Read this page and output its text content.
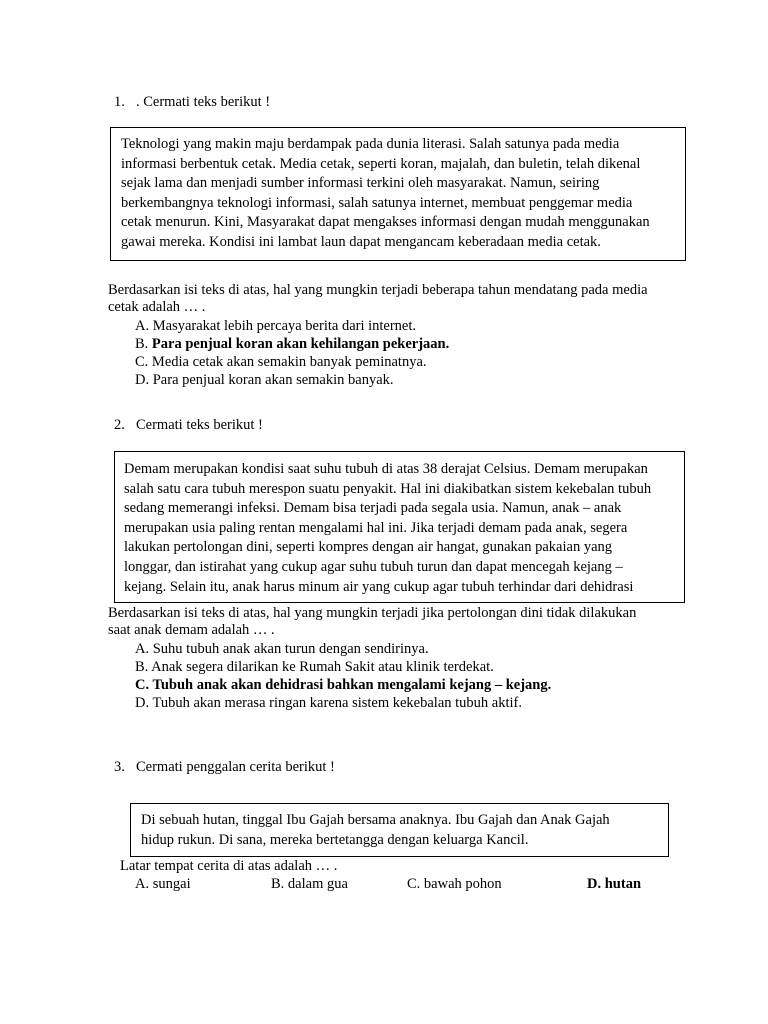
1. . Cermati teks berikut !
Teknologi yang makin maju berdampak pada dunia literasi. Salah satunya pada media
informasi berbentuk cetak. Media cetak, seperti koran, majalah, dan buletin, telah dikenal
sejak lama dan menjadi sumber informasi terkini oleh masyarakat. Namun, seiring
berkembangnya teknologi informasi, salah satunya internet, membuat penggemar media
cetak menurun. Kini, Masyarakat dapat mengakses informasi dengan mudah menggunakan
gawai mereka. Kondisi ini lambat laun dapat mengancam keberadaan media cetak.
Berdasarkan isi teks di atas, hal yang mungkin terjadi beberapa tahun mendatang pada media
cetak adalah … .
A. Masyarakat lebih percaya berita dari internet.
B. Para penjual koran akan kehilangan pekerjaan.
C. Media cetak akan semakin banyak peminatnya.
D. Para penjual koran akan semakin banyak.
2. Cermati teks berikut !
Demam merupakan kondisi saat suhu tubuh di atas 38 derajat Celsius. Demam merupakan
salah satu cara tubuh merespon suatu penyakit. Hal ini diakibatkan sistem kekebalan tubuh
sedang memerangi infeksi. Demam bisa terjadi pada segala usia. Namun, anak – anak
merupakan usia paling rentan mengalami hal ini. Jika terjadi demam pada anak, segera
lakukan pertolongan dini, seperti kompres dengan air hangat, gunakan pakaian yang
longgar, dan istirahat yang cukup agar suhu tubuh turun dan dapat mencegah kejang –
kejang. Selain itu, anak harus minum air yang cukup agar tubuh terhindar dari dehidrasi
Berdasarkan isi teks di atas, hal yang mungkin terjadi jika pertolongan dini tidak dilakukan
saat anak demam adalah … .
A. Suhu tubuh anak akan turun dengan sendirinya.
B. Anak segera dilarikan ke Rumah Sakit atau klinik terdekat.
C. Tubuh anak akan dehidrasi bahkan mengalami kejang – kejang.
D. Tubuh akan merasa ringan karena sistem kekebalan tubuh aktif.
3. Cermati penggalan cerita berikut !
Di sebuah hutan, tinggal Ibu Gajah bersama anaknya. Ibu Gajah dan Anak Gajah
hidup rukun. Di sana, mereka bertetangga dengan keluarga Kancil.
Latar tempat cerita di atas adalah … .
A. sungai	B. dalam gua	C. bawah pohon	D. hutan
